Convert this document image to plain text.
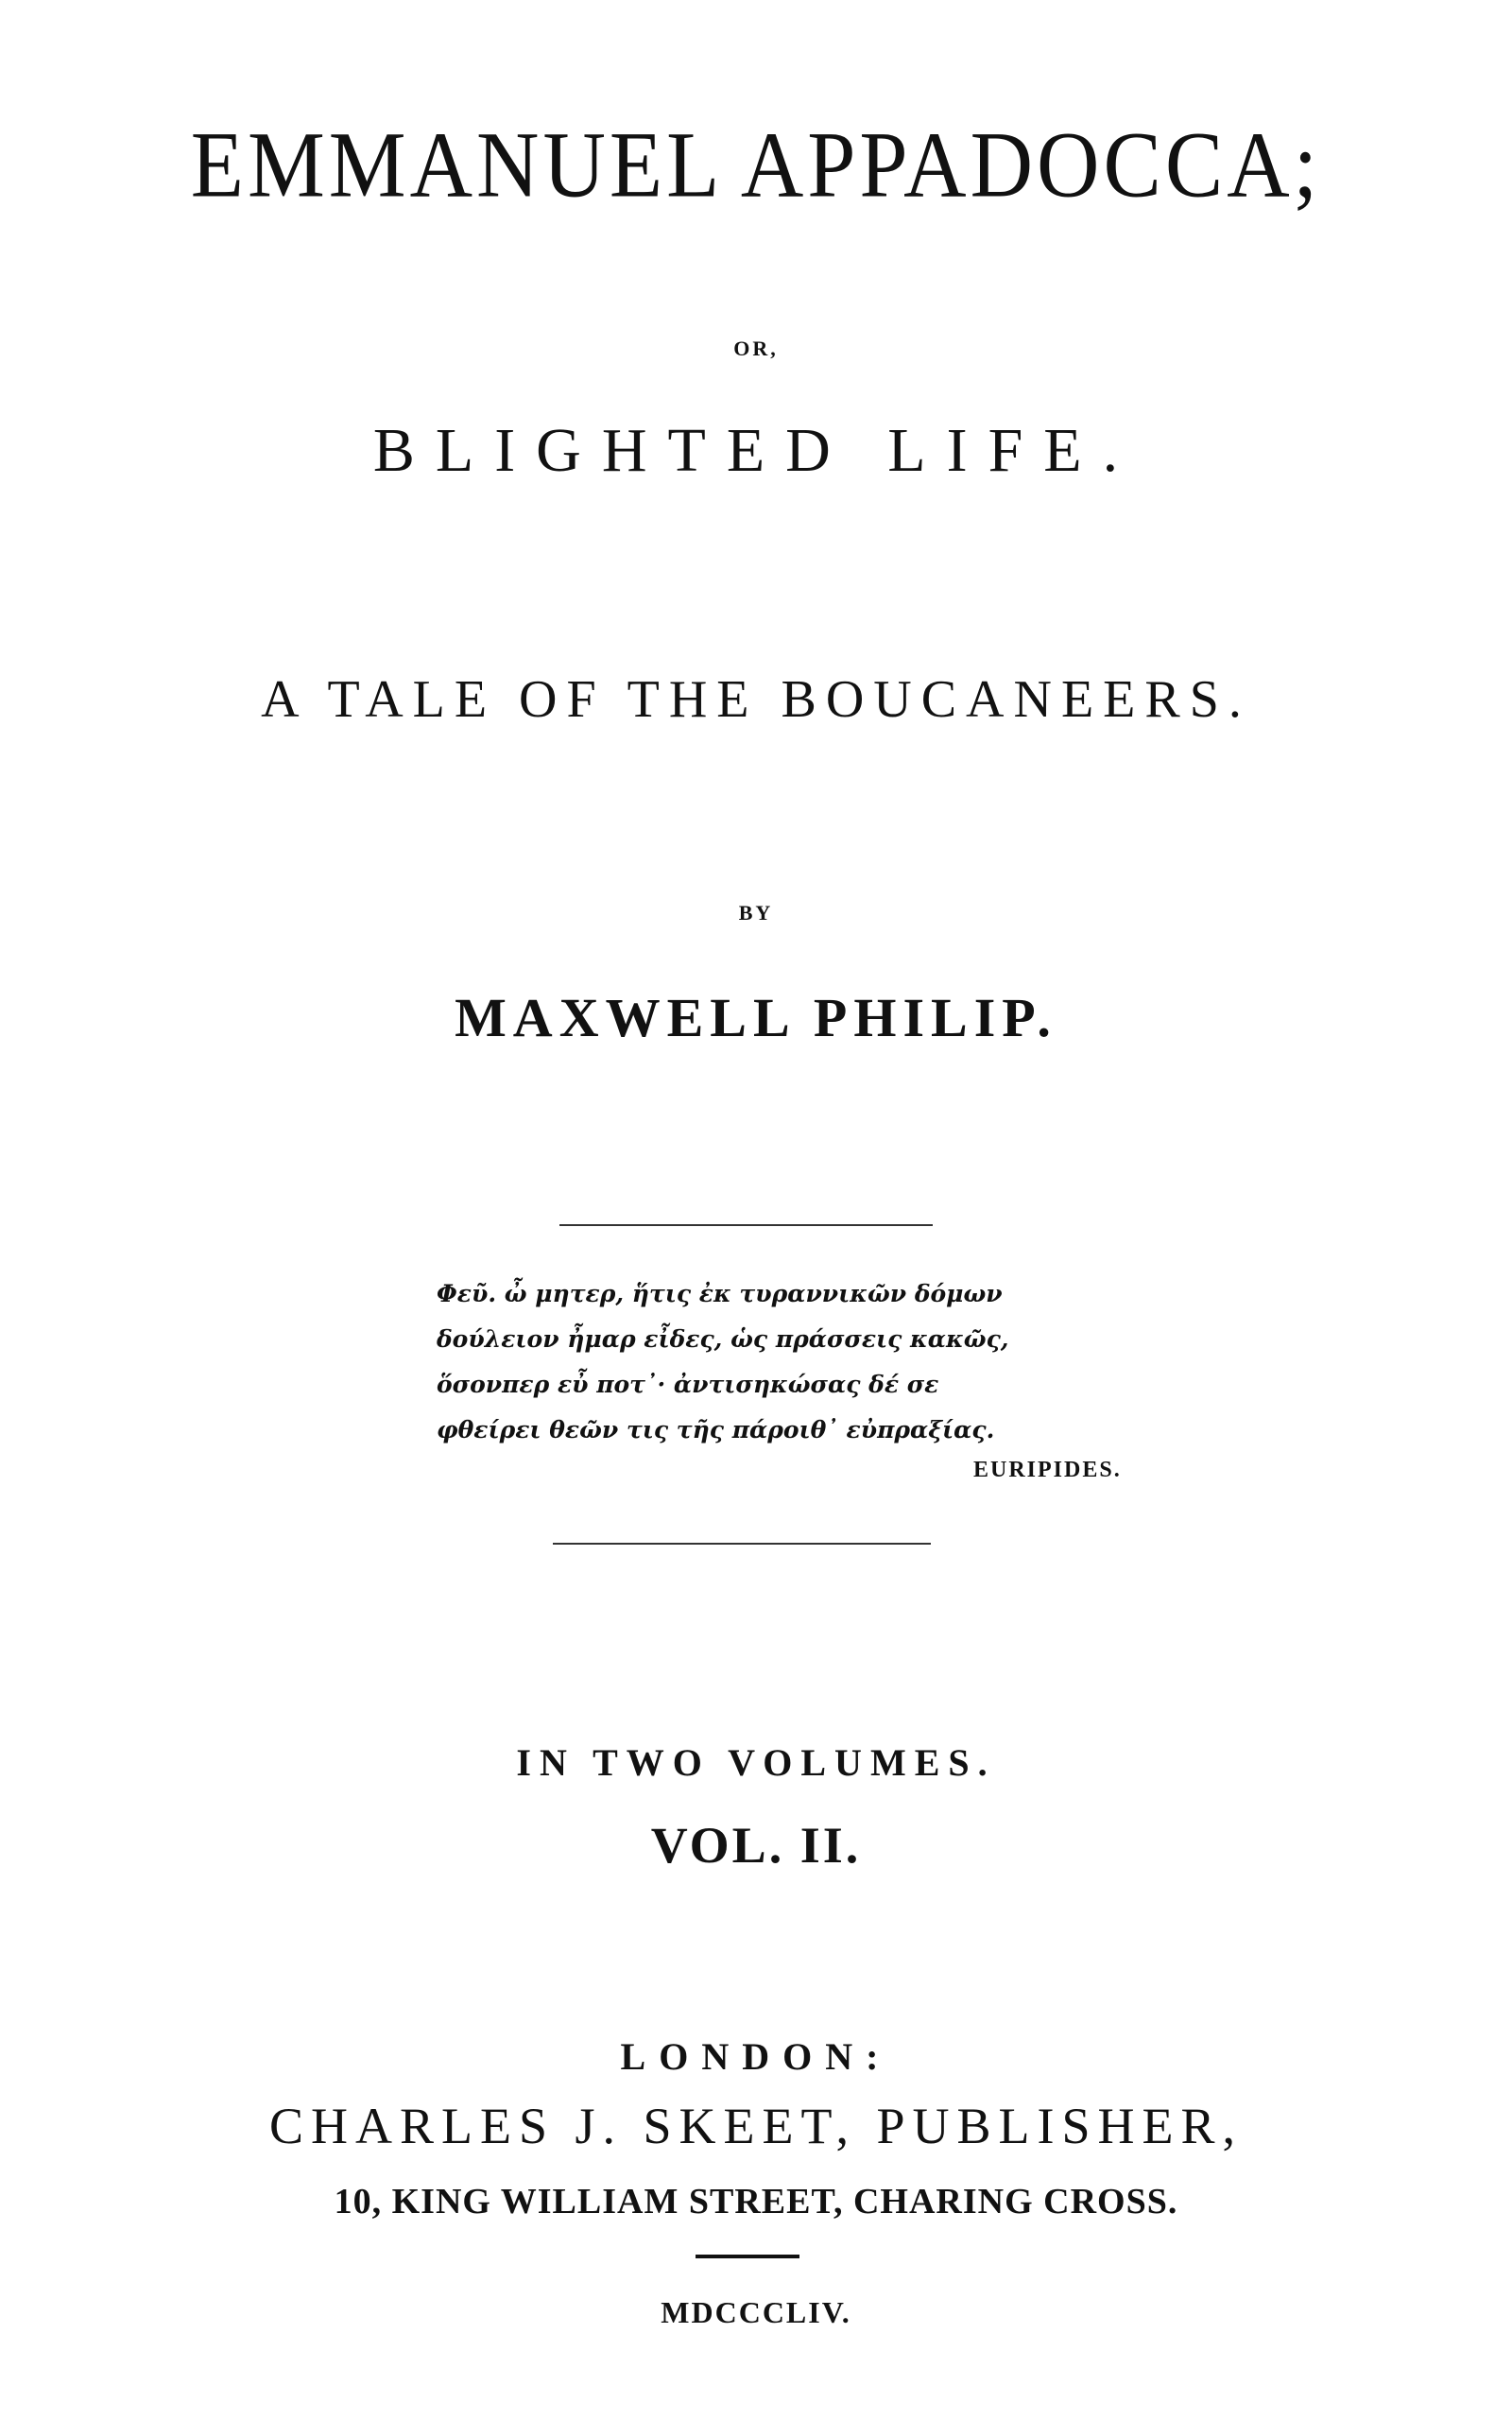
EMMANUEL APPADOCCA;
OR,
BLIGHTED LIFE.
A TALE OF THE BOUCANEERS.
BY
MAXWELL PHILIP.
Φεῦ. ὦ μητερ, ἥτις ἐκ τυραννικῶν δόμων
δούλειον ἦμαρ εἶδες, ὡς πράσσεις κακῶς,
ὅσονπερ εὖ ποτ᾽· ἀντισηκώσας δέ σε
φθείρει θεῶν τις τῆς πάροιθ᾽ εὐπραξίας.
EURIPIDES.
IN TWO VOLUMES.
VOL. II.
LONDON:
CHARLES J. SKEET, PUBLISHER,
10, KING WILLIAM STREET, CHARING CROSS.
MDCCCLIV.
